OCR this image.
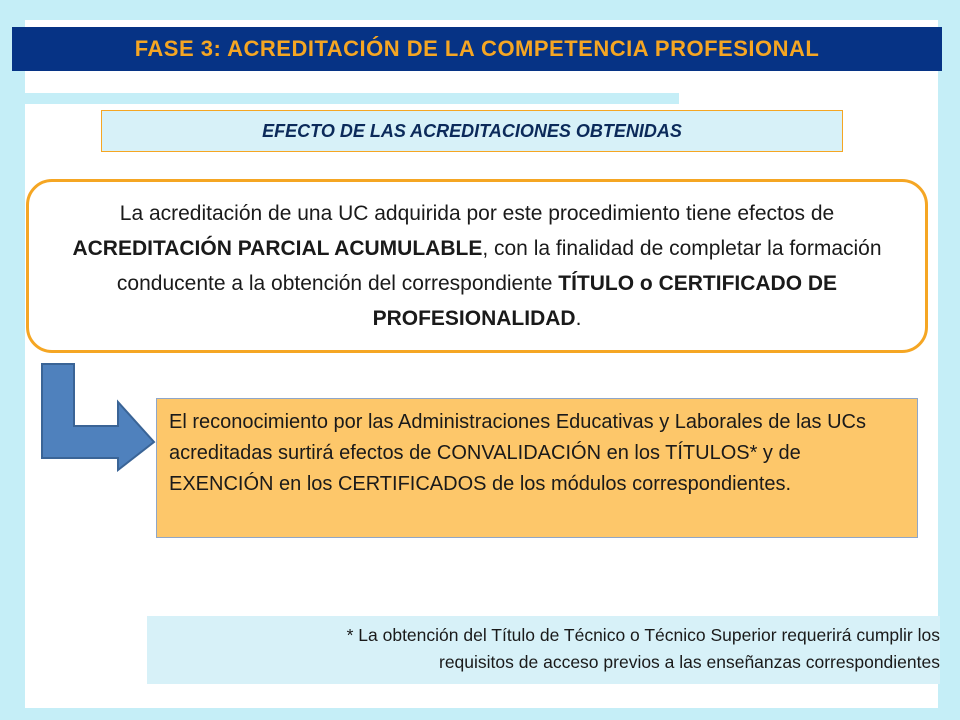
FASE 3: ACREDITACIÓN DE LA COMPETENCIA PROFESIONAL
EFECTO DE LAS ACREDITACIONES OBTENIDAS
La acreditación de una UC adquirida por este procedimiento tiene efectos de ACREDITACIÓN PARCIAL ACUMULABLE, con la finalidad de completar la formación conducente a la obtención del correspondiente TÍTULO o CERTIFICADO DE PROFESIONALIDAD.
El reconocimiento por las Administraciones Educativas y Laborales de las UCs acreditadas surtirá efectos de CONVALIDACIÓN en los TÍTULOS* y de EXENCIÓN en los CERTIFICADOS de los módulos correspondientes.
* La obtención del Título de Técnico o Técnico Superior requerirá cumplir los
requisitos de acceso previos a las enseñanzas correspondientes
